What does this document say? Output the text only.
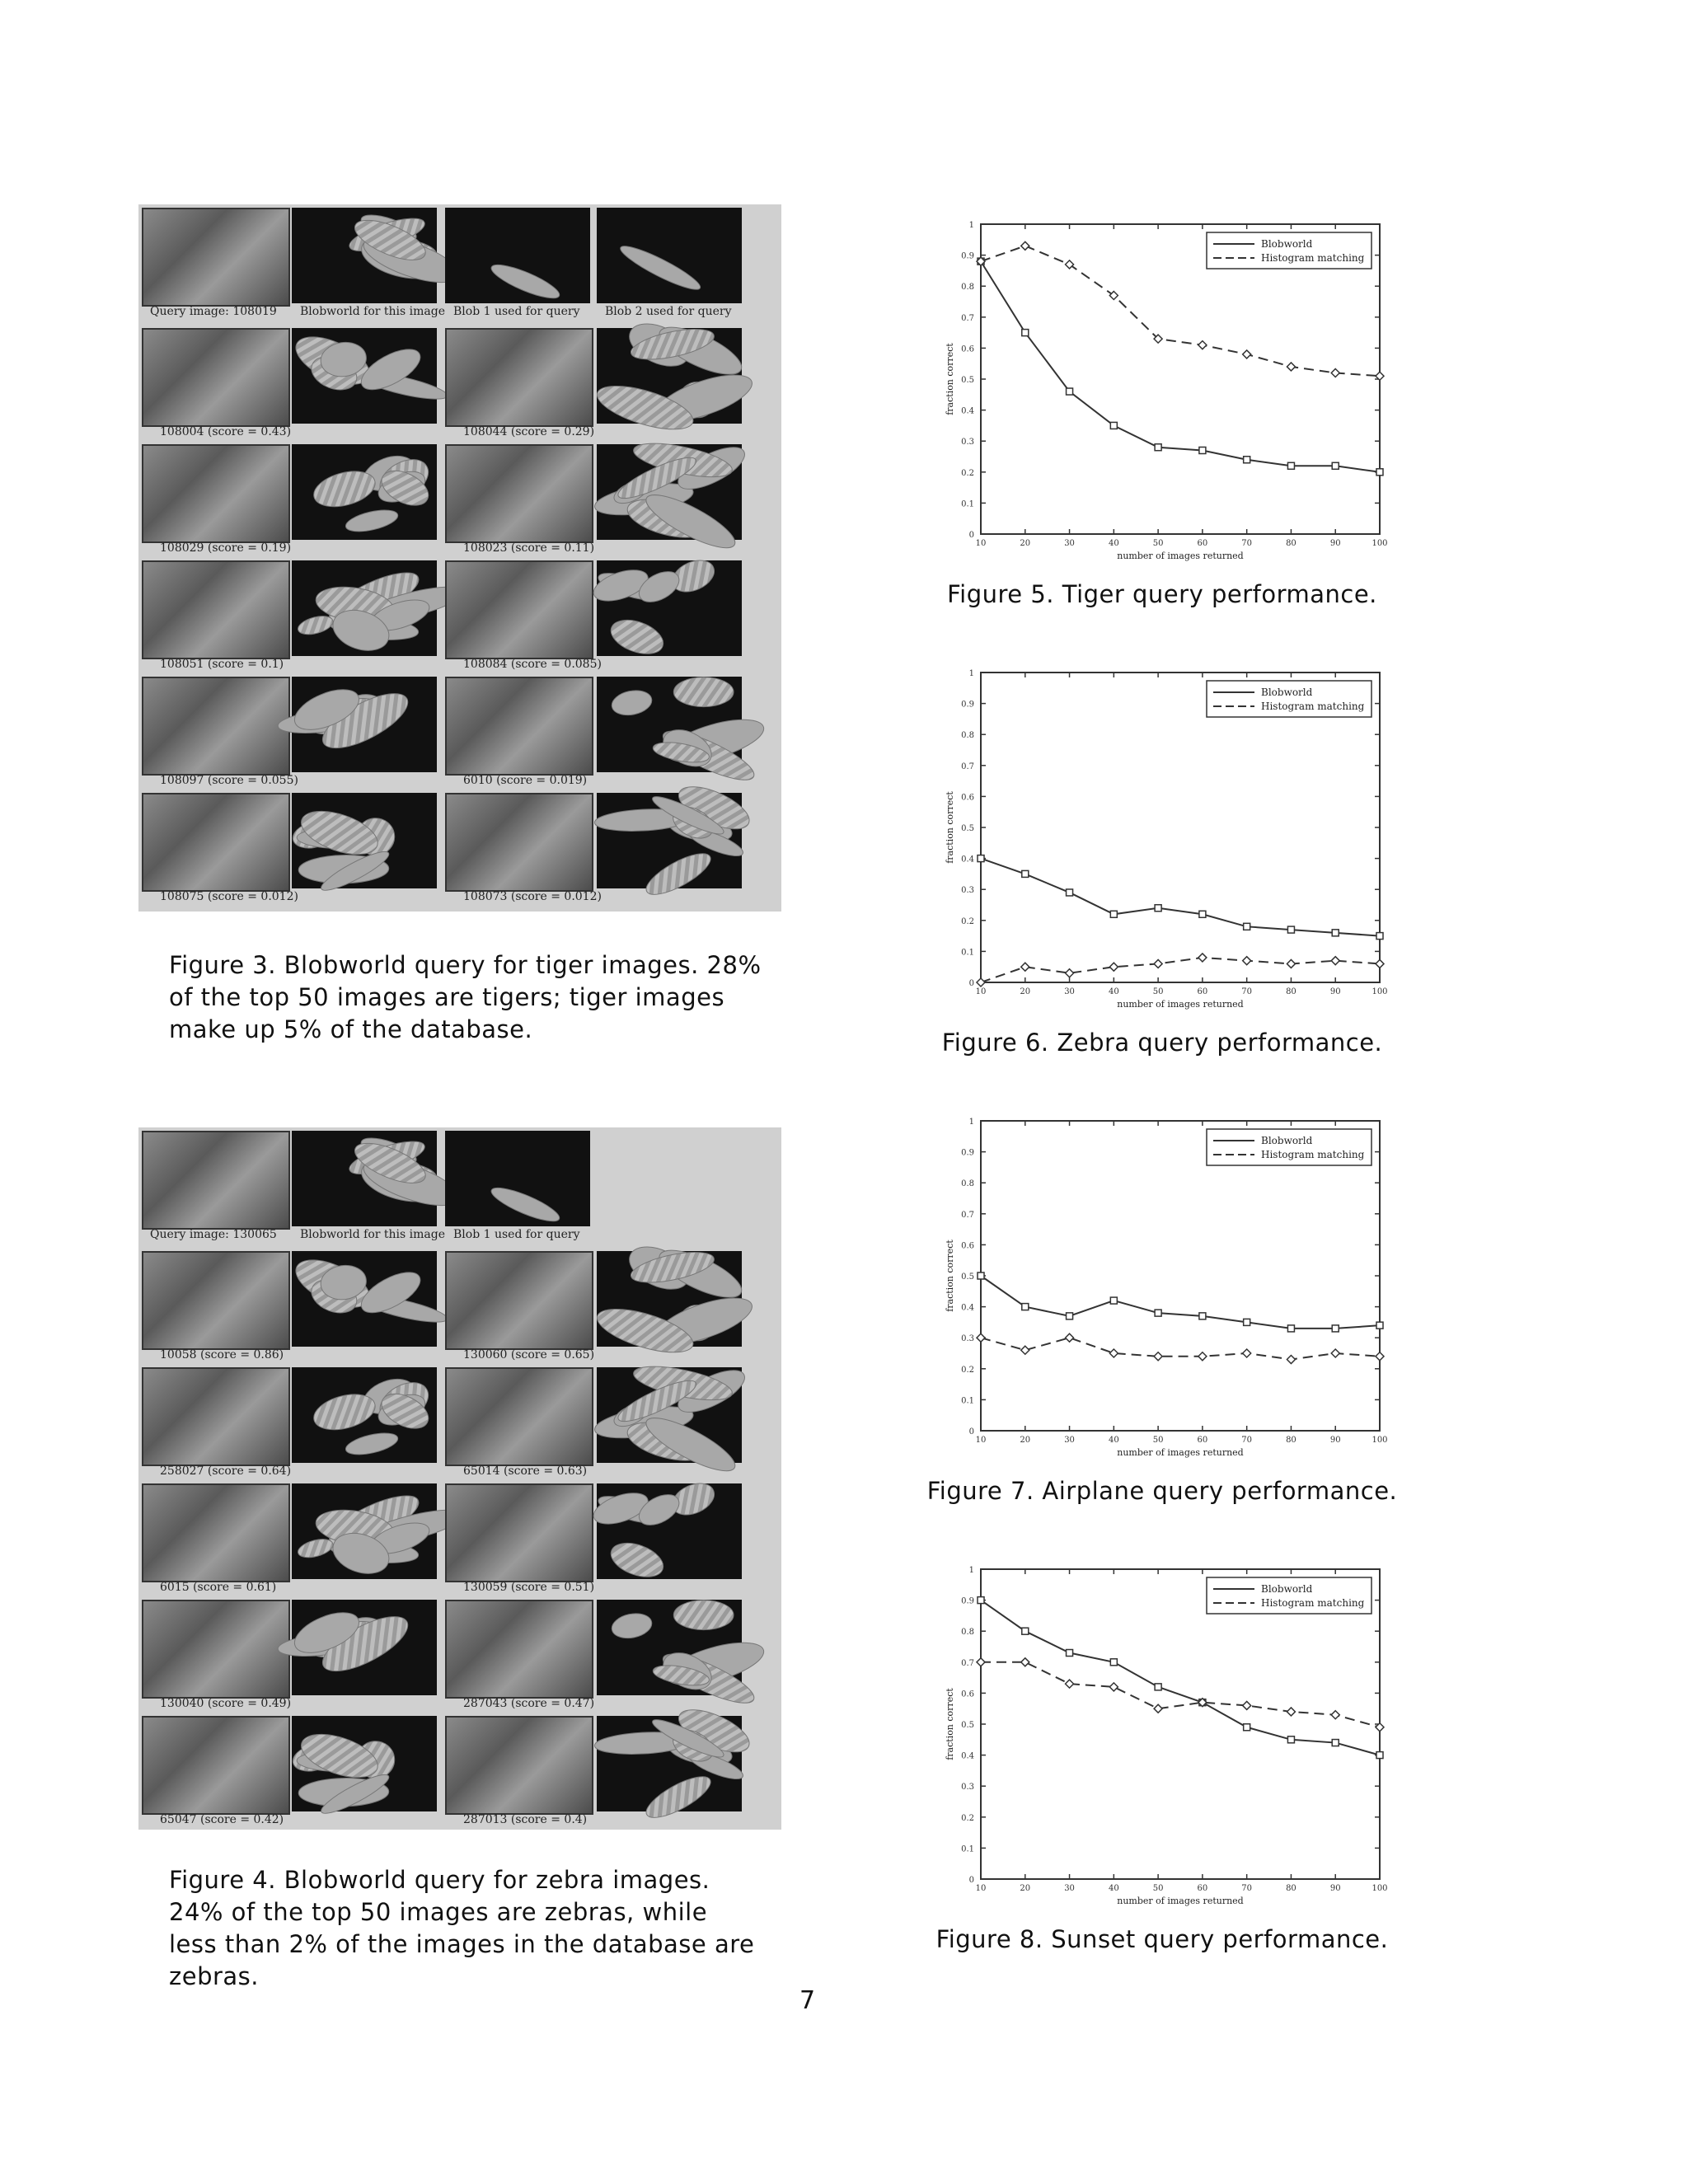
Query image: 108019 Blobworld for this image Blob 1 used for query Blob 2 used for query
108004 (score = 0.43)	108044 (score = 0.29)
108029 (score = 0.19)	108023 (score = 0.11)
108051 (score = 0.1)	108084 (score = 0.085)
108097 (score = 0.055)	6010 (score = 0.019)
108075 (score = 0.012)	108073 (score = 0.012)
Figure 3. Blobworld query for tiger images. 28% of the top 50 images are tigers; tiger images make up 5% of the database.
Query image: 130065 Blobworld for this image Blob 1 used for query
10058 (score = 0.86)	130060 (score = 0.65)
258027 (score = 0.64)	65014 (score = 0.63)
6015 (score = 0.61)	130059 (score = 0.51)
130040 (score = 0.49)	287043 (score = 0.47)
65047 (score = 0.42)	287013 (score = 0.4)
Figure 4. Blobworld query for zebra images. 24% of the top 50 images are zebras, while less than 2% of the images in the database are zebras.
0
0.1
0.2
0.3
0.4
0.5
0.6
0.7
0.8
0.9
1
10	20	30	40	50	60	70	80	90	100
number of images returned
fraction correct
Blobworld
Histogram matching
Figure 5. Tiger query performance.
0
0.1
0.2
0.3
0.4
0.5
0.6
0.7
0.8
0.9
1
10	20	30	40	50	60	70	80	90	100
number of images returned
fraction correct
Blobworld
Histogram matching
Figure 6. Zebra query performance.
0
0.1
0.2
0.3
0.4
0.5
0.6
0.7
0.8
0.9
1
10	20	30	40	50	60	70	80	90	100
number of images returned
fraction correct
Blobworld
Histogram matching
Figure 7. Airplane query performance.
0
0.1
0.2
0.3
0.4
0.5
0.6
0.7
0.8
0.9
1
10	20	30	40	50	60	70	80	90	100
number of images returned
fraction correct
Blobworld
Histogram matching
Figure 8. Sunset query performance.
7
